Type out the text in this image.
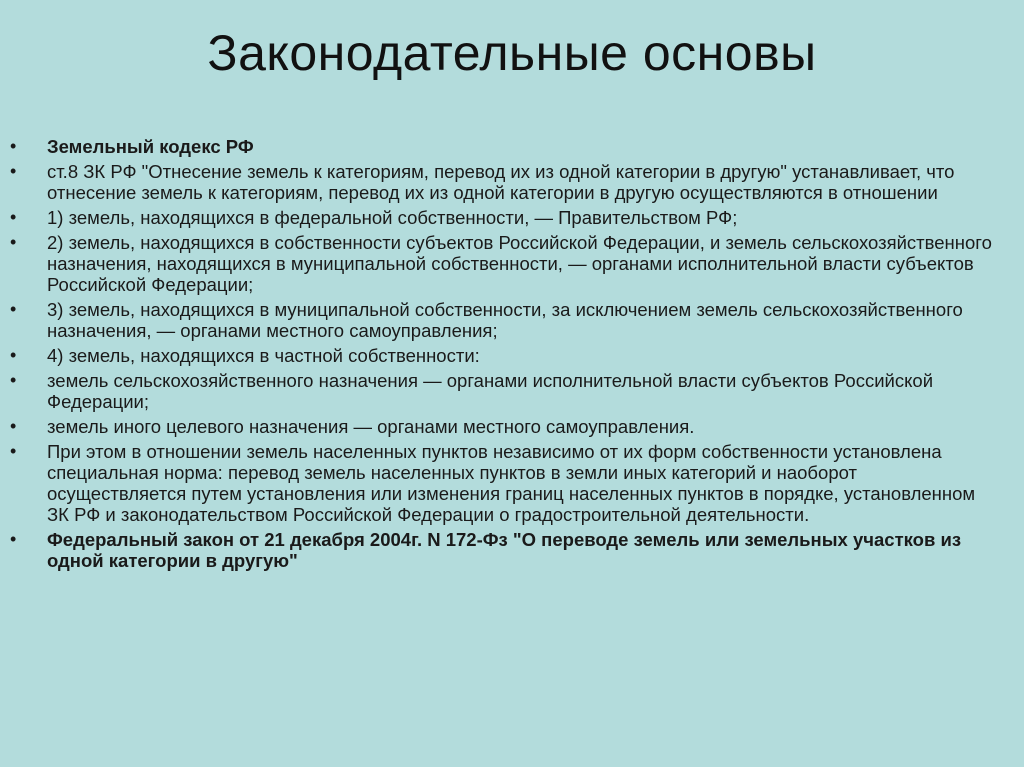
Законодательные основы
• Земельный кодекс РФ
• ст.8 ЗК РФ "Отнесение земель к категориям, перевод их из одной категории в другую" устанавливает, что отнесение земель к категориям, перевод их из одной категории в другую осуществляются в отношении
• 1) земель, находящихся в федеральной собственности, — Правительством РФ;
• 2) земель, находящихся в собственности субъектов Российской Федерации, и земель сельскохозяйственного назначения, находящихся в муниципальной собственности, — органами исполнительной власти субъектов Российской Федерации;
• 3) земель, находящихся в муниципальной собственности, за исключением земель сельскохозяйственного назначения, — органами местного самоуправления;
• 4) земель, находящихся в частной собственности:
• земель сельскохозяйственного назначения — органами исполнительной власти субъектов Российской Федерации;
• земель иного целевого назначения — органами местного самоуправления.
• При этом в отношении земель населенных пунктов независимо от их форм собственности установлена специальная норма: перевод земель населенных пунктов в земли иных категорий и наоборот осуществляется путем установления или изменения границ населенных пунктов в порядке, установленном ЗК РФ и законодательством Российской Федерации о градостроительной деятельности.
• Федеральный закон от 21 декабря 2004г. N 172-Фз "О переводе земель или земельных участков из одной категории в другую"
